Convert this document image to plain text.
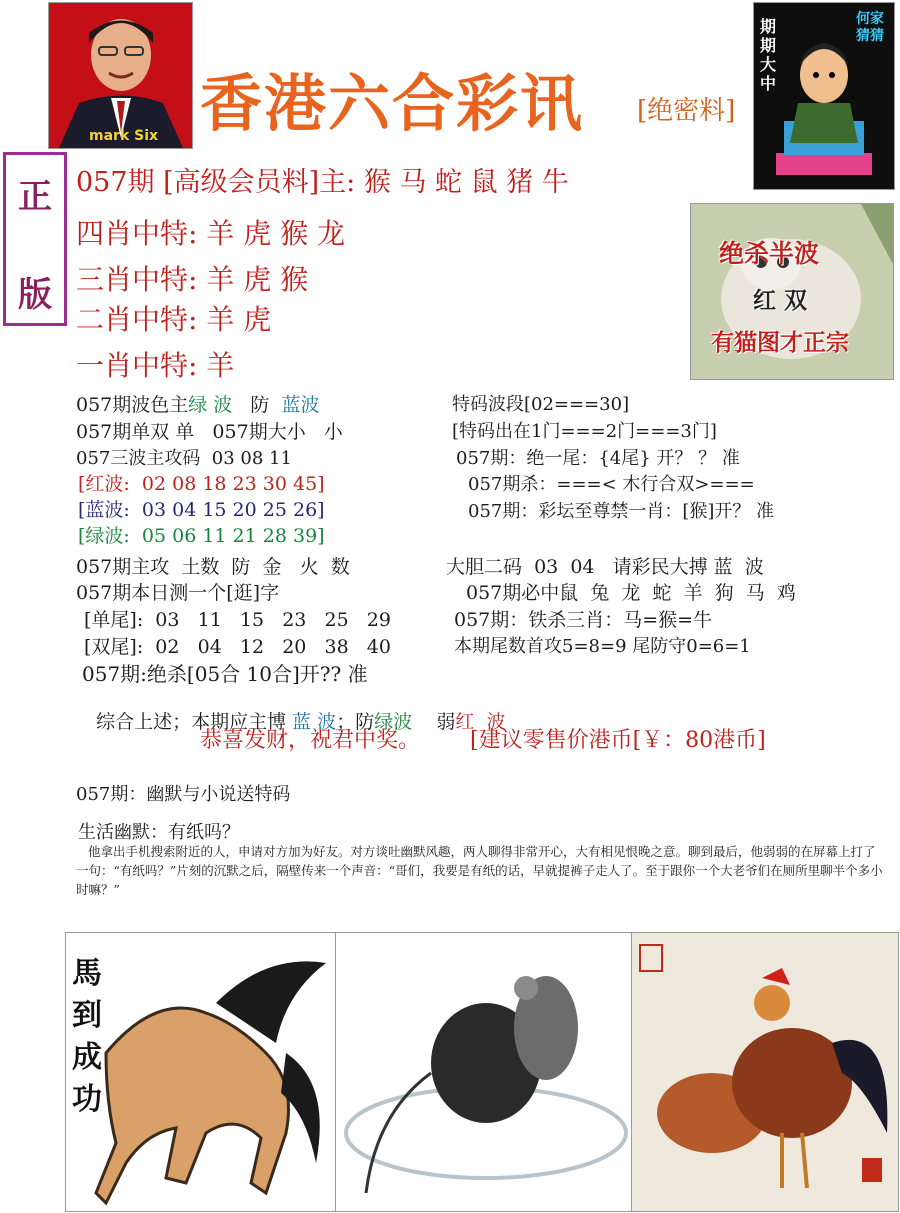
mark Six 香港六合彩讯 [绝密料]
期期大中
何家猜猜
正
版
057期 [高级会员料]主: 猴 马 蛇 鼠 猪 牛
四肖中特: 羊 虎 猴 龙
三肖中特: 羊 虎 猴
二肖中特: 羊 虎
一肖中特: 羊
绝杀半波
红 双
有猫图才正宗
057期波色主绿 波   防  蓝波
057期单双 单   057期大小   小
057三波主攻码  03 08 11
[红波:  02 08 18 23 30 45]
[蓝波:  03 04 15 20 25 26]
[绿波:  05 06 11 21 28 39]
057期主攻  土数  防  金   火  数
057期本日测一个[逛]字
[单尾]:  03   11   15   23   25   29
[双尾]:  02   04   12   20   38   40
057期:绝杀[05合 10合]开?? 准

综合上述；本期应主博 蓝 波；防绿波    弱红  波

特码波段[02===30]
[特码出在1门===2门===3门]
057期：绝一尾：{4尾} 开？ ？ 准
057期杀：===< 木行合双>===
057期：彩坛至尊禁一肖：[猴]开？ 准
大胆二码  03  04   请彩民大搏 蓝  波
057期必中鼠  兔  龙  蛇  羊  狗  马  鸡
057期：铁杀三肖：马=猴=牛
本期尾数首攻5=8=9 尾防守0=6=1
恭喜发财，祝君中奖。 [建议零售价港币[￥：80港币]
057期：幽默与小说送特码
生活幽默：有纸吗？
他拿出手机搜索附近的人，申请对方加为好友。对方谈吐幽默风趣，两人聊得非常开心，大有相见恨晚之意。聊到最后，他弱弱的在屏幕上打了一句：“有纸吗？”片刻的沉默之后，隔壁传来一个声音：“哥们，我要是有纸的话，早就提裤子走人了。至于跟你一个大老爷们在厕所里聊半个多小时嘛？”
馬到成功
